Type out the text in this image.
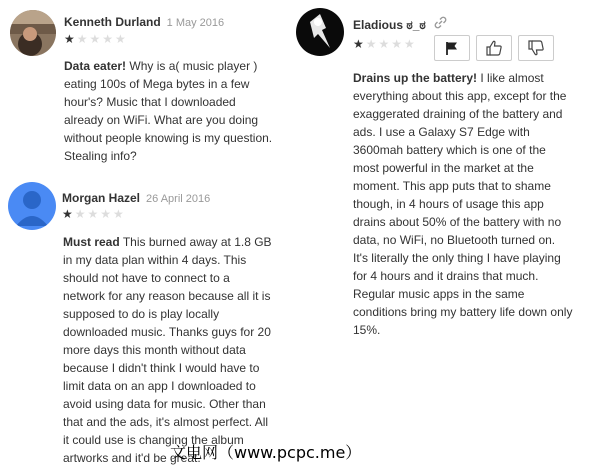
Kenneth Durland 1 May 2016
★★★★★
Data eater! Why is a( music player ) eating 100s of Mega bytes in a few hour's? Music that I downloaded already on WiFi. What are you doing without people knowing is my question. Stealing info?
Morgan Hazel 26 April 2016
★★★★★
Must read This burned away at 1.8 GB in my data plan within 4 days. This should not have to connect to a network for any reason because all it is supposed to do is play locally downloaded music. Thanks guys for 20 more days this month without data because I didn't think I would have to limit data on an app I downloaded to avoid using data for music. Other than that and the ads, it's almost perfect. All it could use is changing the album artworks and it'd be great.
Eladious ಠ_ಠ
★★★★★
Drains up the battery! I like almost everything about this app, except for the exaggerated draining of the battery and ads. I use a Galaxy S7 Edge with 3600mah battery which is one of the most powerful in the market at the moment. This app puts that to shame though, in 4 hours of usage this app drains about 50% of the battery with no data, no WiFi, no Bluetooth turned on. It's literally the only thing I have playing for 4 hours and it drains that much. Regular music apps in the same conditions bring my battery life down only 15%.
文电网（www.pcpc.me）
